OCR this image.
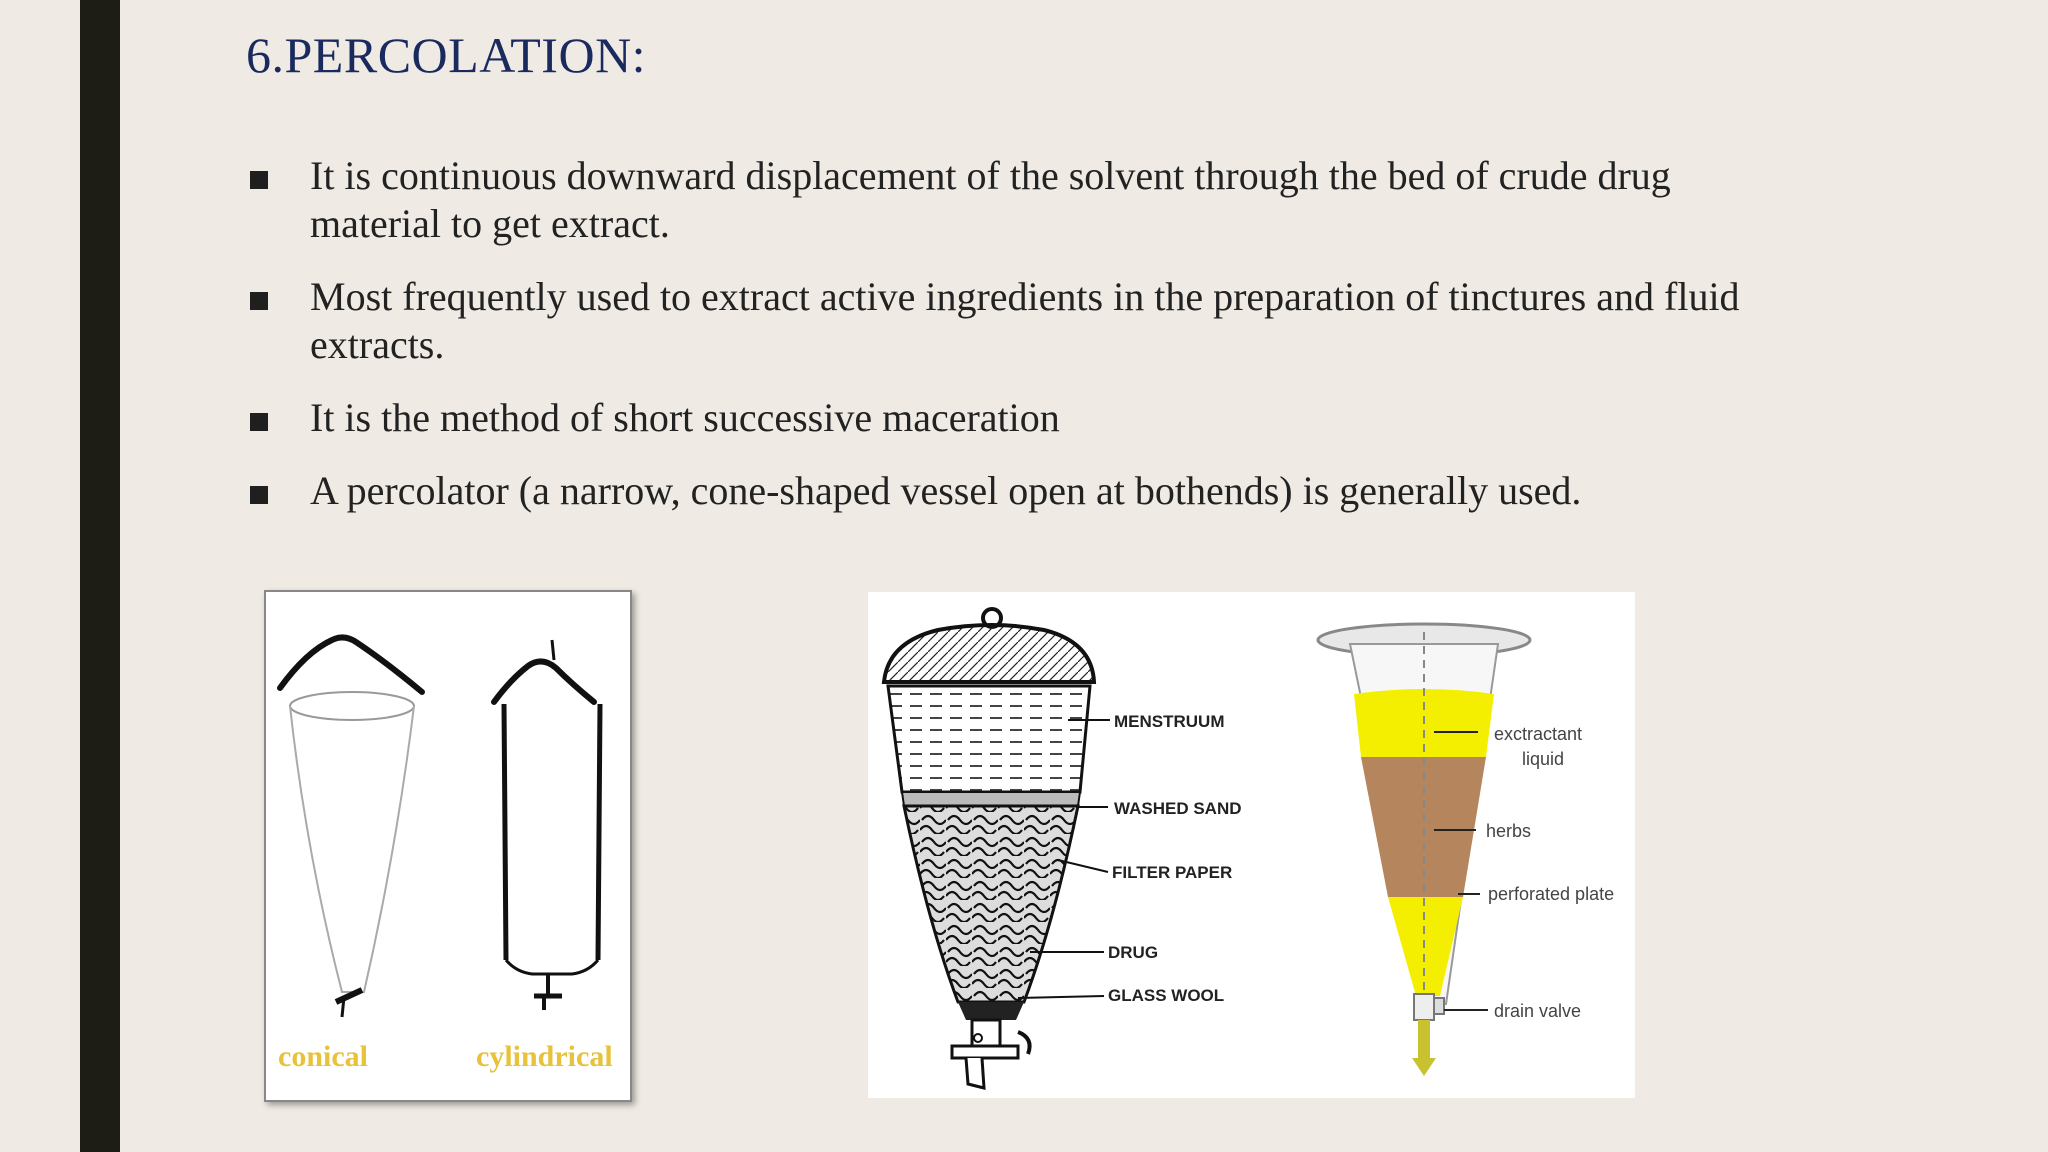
6.PERCOLATION:
It is continuous downward displacement of the solvent through the bed of crude drug material to get extract.
Most frequently used to extract active ingredients in the preparation of tinctures and fluid extracts.
It is the method of short successive maceration
A percolator (a narrow, cone-shaped vessel open at bothends) is generally used.
conical	cylindrical
MENSTRUUM
WASHED SAND
FILTER PAPER
DRUG
GLASS WOOL
exctractant
liquid
herbs
perforated plate
drain valve
